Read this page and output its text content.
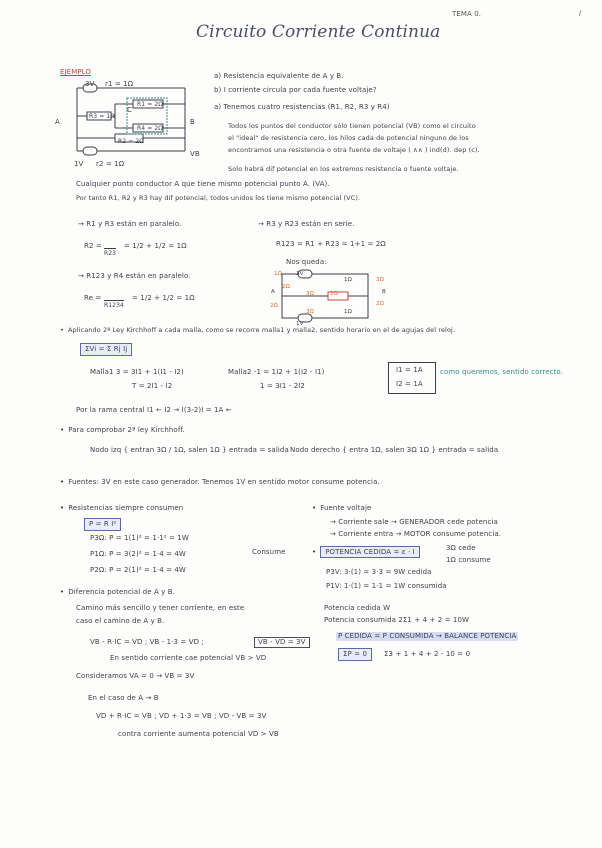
Circuito Corriente Continua
TEMA 0.	/
EJEMPLO
3V r1 = 1Ω
R1 = 2Ω
R3 = 1Ω
R4 = 2Ω
R2 = 2Ω
C
A	B
1V r2 = 1Ω
VB
a) Resistencia equivalente de A y B.
b) I corriente circula por cada fuente voltaje?
a) Tenemos cuatro resistencias (R1, R2, R3 y R4)
Todos los puntos del conductor sólo tienen potencial (VB) como el circuito
el "ideal" de resistencia cero, los hilos cada de potencial ninguno de los
encontramos una resistencia o otra fuente de voltaje ( ∧∧ ) ind(d). dep (c).
Solo habrá dif potencial en los extremos resistencia o fuente voltaje.
Cualquier punto conductor A que tiene mismo potencial punto A. (VA).
Por tanto R1, R2 y R3 hay dif potencial, todos unidos los tiene mismo potencial (VC).
→ R1 y R3 están en paralelo.	→ R3 y R23 están en serie.
R2 =
R23
= 1/2 + 1/2 = 1Ω	R123 = R1 + R23 = 1+1 = 2Ω
→ R123 y R4 están en paralelo.
Nos queda:
Re =
R1234
= 1/2 + 1/2 = 1Ω
1Ω	3V
2Ω
1Ω
3Ω	2Ω
2Ω
3Ω
A	B
1V
1Ω
2Ω
3Ω
• Aplicando 2ª Ley Kirchhoff a cada malla, como se recorre malla1 y malla2, sentido horario en el de agujas del reloj.
ΣVi = Σ Rj Ij
Malla1 3 = 3I1 + 1(I1 - I2)	Malla2 -1 = 1I2 + 1(I2 - I1)
T = 2I1 - I2	1 = 3I1 - 2I2
I1 = 1A
I2 = 1A
como queremos, sentido correcto.
Por la rama central I1 ← I2 → I(3-2)I = 1A ←
• Para comprobar 2ª ley Kirchhoff.
Nodo izq { entran 3Ω / 1Ω, salen 1Ω } entrada = salida Nodo derecho { entra 1Ω, salen 3Ω 1Ω } entrada = salida
• Fuentes: 3V en este caso generador. Tenemos 1V en sentido motor consume potencia.
• Resistencias siempre consumen
P = R I²
P3Ω: P = 1(1)² = 1·1² = 1W
P1Ω: P = 3(2)² = 1·4 = 4W
P2Ω: P = 2(1)² = 1·4 = 4W
Consume
• Fuente voltaje
→ Corriente sale → GENERADOR cede potencia
→ Corriente entra → MOTOR consume potencia.
• POTENCIA CEDIDA = ε · I	3Ω cede
1Ω consume
P3V: 3·(1) = 3·3 = 9W cedida
P1V: 1·(1) = 1·1 = 1W consumida
• Diferencia potencial de A y B.
Camino más sencillo y tener corriente, en este
caso el camino de A y B.
VB - R·IC = VD ; VB - 1·3 = VD ;	VB - VD = 3V
En sentido corriente cae potencial VB > VD
Consideramos VA = 0 → VB = 3V
En el caso de A → B
VD + R·IC = VB ; VD + 1·3 = VB ; VD - VB = 3V
contra corriente aumenta potencial VD > VB
Potencia cedida W
Potencia consumida 2Σ1 + 4 + 2 = 10W
P CEDIDA = P CONSUMIDA → BALANCE POTENCIA
ΣP = 0	Σ3 + 1 + 4 + 2 - 10 = 0
